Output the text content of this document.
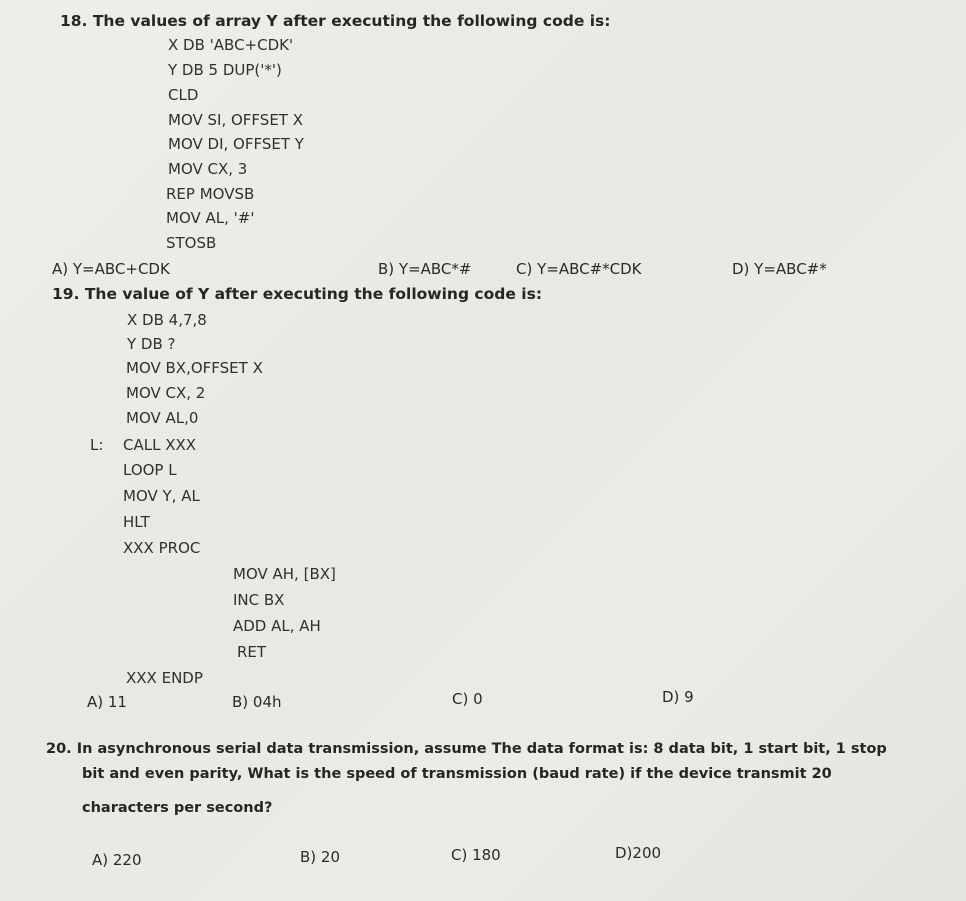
18. The values of array Y after executing the following code is:
X DB 'ABC+CDK'
Y DB 5 DUP('*')
CLD
MOV SI, OFFSET X
MOV DI, OFFSET Y
MOV CX, 3
REP MOVSB
MOV AL, '#'
STOSB
A) Y=ABC+CDK	B) Y=ABC*#	C) Y=ABC#*CDK	D) Y=ABC#*
19. The value of Y after executing the following code is:
X DB 4,7,8
Y DB ?
MOV BX,OFFSET X
MOV CX, 2
MOV AL,0
L: CALL XXX
LOOP L
MOV Y, AL
HLT
XXX PROC
MOV AH, [BX]
INC BX
ADD AL, AH
RET
XXX ENDP
A) 11	B) 04h	C) 0	D) 9
20. In asynchronous serial data transmission, assume The data format is: 8 data bit, 1 start bit, 1 stop
bit and even parity, What is the speed of transmission (baud rate) if the device transmit 20
characters per second?
A) 220	B) 20	C) 180	D)200
